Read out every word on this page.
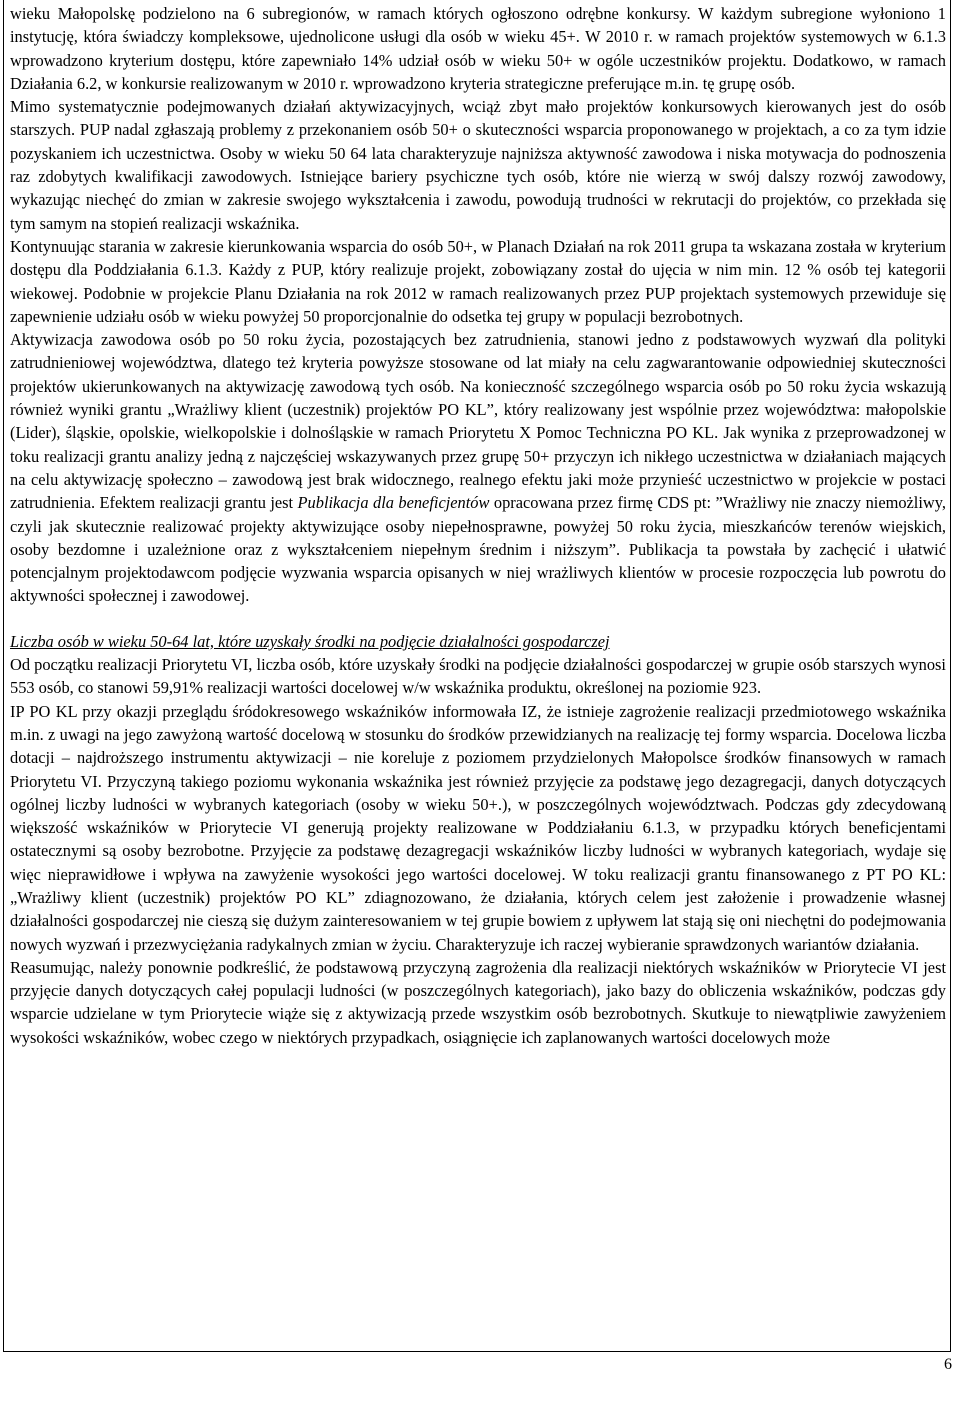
wieku Małopolskę podzielono na 6 subregionów, w ramach których ogłoszono odrębne konkursy. W każdym subregione wyłoniono 1 instytucję, która świadczy kompleksowe, ujednolicone usługi dla osób w wieku 45+. W 2010 r. w ramach projektów systemowych w 6.1.3 wprowadzono kryterium dostępu, które zapewniało 14% udział osób w wieku 50+ w ogóle uczestników projektu. Dodatkowo, w ramach Działania 6.2, w konkursie realizowanym w 2010 r. wprowadzono kryteria strategiczne preferujące m.in. tę grupę osób.

Mimo systematycznie podejmowanych działań aktywizacyjnych, wciąż zbyt mało projektów konkursowych kierowanych jest do osób starszych. PUP nadal zgłaszają problemy z przekonaniem osób 50+ o skuteczności wsparcia proponowanego w projektach, a co za tym idzie pozyskaniem ich uczestnictwa. Osoby w wieku 50 64 lata charakteryzuje najniższa aktywność zawodowa i niska motywacja do podnoszenia raz zdobytych kwalifikacji zawodowych. Istniejące bariery psychiczne tych osób, które nie wierzą w swój dalszy rozwój zawodowy, wykazując niechęć do zmian w zakresie swojego wykształcenia i zawodu, powodują trudności w rekrutacji do projektów, co przekłada się tym samym na stopień realizacji wskaźnika.

Kontynuując starania w zakresie kierunkowania wsparcia do osób 50+, w Planach Działań na rok 2011 grupa ta wskazana została w kryterium dostępu dla Poddziałania 6.1.3. Każdy z PUP, który realizuje projekt, zobowiązany został do ujęcia w nim min. 12 % osób tej kategorii wiekowej. Podobnie w projekcie Planu Działania na rok 2012 w ramach realizowanych przez PUP projektach systemowych przewiduje się zapewnienie udziału osób w wieku powyżej 50 proporcjonalnie do odsetka tej grupy w populacji bezrobotnych.

Aktywizacja zawodowa osób po 50 roku życia, pozostających bez zatrudnienia, stanowi jedno z podstawowych wyzwań dla polityki zatrudnieniowej województwa, dlatego też kryteria powyższe stosowane od lat miały na celu zagwarantowanie odpowiedniej skuteczności projektów ukierunkowanych na aktywizację zawodową tych osób. Na konieczność szczególnego wsparcia osób po 50 roku życia wskazują również wyniki grantu „Wrażliwy klient (uczestnik) projektów PO KL”, który realizowany jest wspólnie przez województwa: małopolskie (Lider), śląskie, opolskie, wielkopolskie i dolnośląskie w ramach Priorytetu X Pomoc Techniczna PO KL. Jak wynika z przeprowadzonej w toku realizacji grantu analizy jedną z najczęściej wskazywanych przez grupę 50+ przyczyn ich nikłego uczestnictwa w działaniach mających na celu aktywizację społeczno – zawodową jest brak widocznego, realnego efektu jaki może przynieść uczestnictwo w projekcie w postaci zatrudnienia. Efektem realizacji grantu jest Publikacja dla beneficjentów opracowana przez firmę CDS pt: ”Wrażliwy nie znaczy niemożliwy, czyli jak skutecznie realizować projekty aktywizujące osoby niepełnosprawne, powyżej 50 roku życia, mieszkańców terenów wiejskich, osoby bezdomne i uzależnione oraz z wykształceniem niepełnym średnim i niższym”. Publikacja ta powstała by zachęcić i ułatwić potencjalnym projektodawcom podjęcie wyzwania wsparcia opisanych w niej wrażliwych klientów w procesie rozpoczęcia lub powrotu do aktywności społecznej i zawodowej.

Liczba osób w wieku 50-64 lat, które uzyskały środki na podjęcie działalności gospodarczej

Od początku realizacji Priorytetu VI, liczba osób, które uzyskały środki na podjęcie działalności gospodarczej w grupie osób starszych wynosi 553 osób, co stanowi 59,91% realizacji wartości docelowej w/w wskaźnika produktu, określonej na poziomie 923.

IP PO KL przy okazji przeglądu śródokresowego wskaźników informowała IZ, że istnieje zagrożenie realizacji przedmiotowego wskaźnika m.in. z uwagi na jego zawyżoną wartość docelową w stosunku do środków przewidzianych na realizację tej formy wsparcia. Docelowa liczba dotacji – najdroższego instrumentu aktywizacji – nie koreluje z poziomem przydzielonych Małopolsce środków finansowych w ramach Priorytetu VI. Przyczyną takiego poziomu wykonania wskaźnika jest również przyjęcie za podstawę jego dezagregacji, danych dotyczących ogólnej liczby ludności w wybranych kategoriach (osoby w wieku 50+.), w poszczególnych województwach. Podczas gdy zdecydowaną większość wskaźników w Priorytecie VI generują projekty realizowane w Poddziałaniu 6.1.3, w przypadku których beneficjentami ostatecznymi są osoby bezrobotne. Przyjęcie za podstawę dezagregacji wskaźników liczby ludności w wybranych kategoriach, wydaje się więc nieprawidłowe i wpływa na zawyżenie wysokości jego wartości docelowej. W toku realizacji grantu finansowanego z PT PO KL: „Wrażliwy klient (uczestnik) projektów PO KL” zdiagnozowano, że działania, których celem jest założenie i prowadzenie własnej działalności gospodarczej nie cieszą się dużym zainteresowaniem w tej grupie bowiem z upływem lat stają się oni niechętni do podejmowania nowych wyzwań i przezwyciężania radykalnych zmian w życiu. Charakteryzuje ich raczej wybieranie sprawdzonych wariantów działania.

Reasumując, należy ponownie podkreślić, że podstawową przyczyną zagrożenia dla realizacji niektórych wskaźników w Priorytecie VI jest przyjęcie danych dotyczących całej populacji ludności (w poszczególnych kategoriach), jako bazy do obliczenia wskaźników, podczas gdy wsparcie udzielane w tym Priorytecie wiąże się z aktywizacją przede wszystkim osób bezrobotnych. Skutkuje to niewątpliwie zawyżeniem wysokości wskaźników, wobec czego w niektórych przypadkach, osiągnięcie ich zaplanowanych wartości docelowych może

6
